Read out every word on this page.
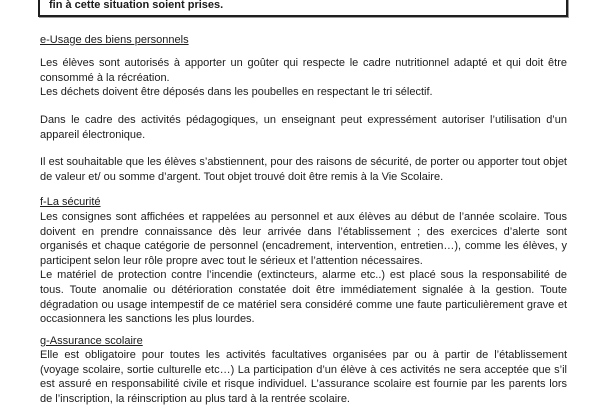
fin à cette situation soient prises.

e-Usage des biens personnels

Les élèves sont autorisés à apporter un goûter qui respecte le cadre nutritionnel adapté et qui doit être consommé à la récréation.

Les déchets doivent être déposés dans les poubelles en respectant le tri sélectif.

Dans le cadre des activités pédagogiques, un enseignant peut expressément autoriser l’utilisation d’un appareil électronique.

Il est souhaitable que les élèves s’abstiennent, pour des raisons de sécurité, de porter ou apporter tout objet de valeur et/ ou somme d’argent. Tout objet trouvé doit être remis à la Vie Scolaire.

f-La sécurité

Les consignes sont affichées et rappelées au personnel et aux élèves au début de l’année scolaire. Tous doivent en prendre connaissance dès leur arrivée dans l’établissement ; des exercices d’alerte sont organisés et chaque catégorie de personnel (encadrement, intervention, entretien…), comme les élèves, y participent selon leur rôle propre avec tout le sérieux et l’attention nécessaires.

Le matériel de protection contre l’incendie (extincteurs, alarme etc..) est placé sous la responsabilité de tous. Toute anomalie ou détérioration constatée doit être immédiatement signalée à la gestion. Toute dégradation ou usage intempestif de ce matériel sera considéré comme une faute particulièrement grave et occasionnera les sanctions les plus lourdes.

g-Assurance scolaire

Elle est obligatoire pour toutes les activités facultatives organisées par ou à partir de l’établissement (voyage scolaire, sortie culturelle etc…) La participation d’un élève à ces activités ne sera acceptée que s’il est assuré en responsabilité civile et risque individuel. L’assurance scolaire est fournie par les parents lors de l’inscription, la réinscription au plus tard à la rentrée scolaire.
